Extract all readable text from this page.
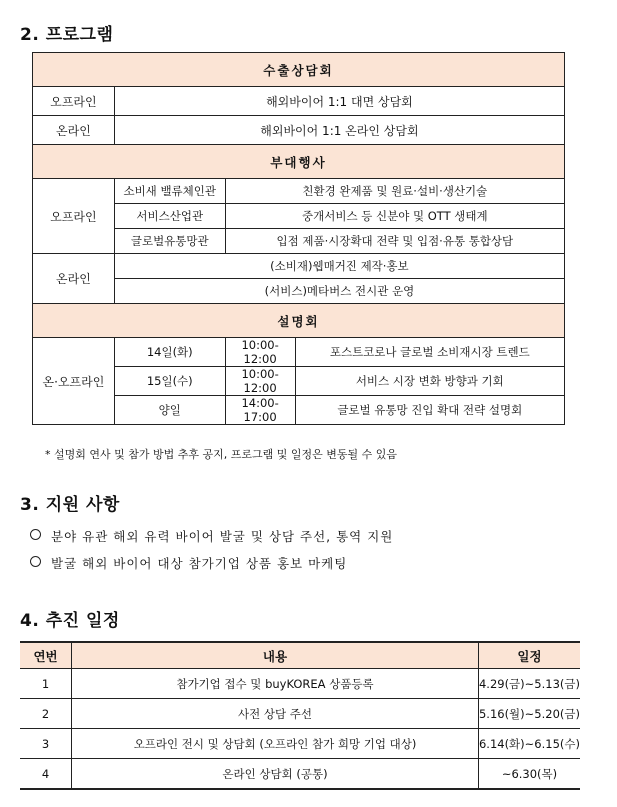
2. 프로그램
수출상담회			
오프라인	해외바이어 1:1 대면 상담회		
온라인	해외바이어 1:1 온라인 상담회		
부대행사			
오프라인	소비새 밸류체인관	친환경 완제품 및 원료·설비·생산기술	
	서비스산업관	중개서비스 등 신분야 및 OTT 생태계	
	글로벌유통망관	입점 제품·시장확대 전략 및 입점·유통 통합상담	
온라인	(소비재)웹매거진 제작·홍보		
	(서비스)메타버스 전시관 운영		
설명회			
온·오프라인	14일(화)	10:00-12:00	포스트코로나 글로벌 소비재시장 트렌드
	15일(수)	10:00-12:00	서비스 시장 변화 방향과 기회
	양일	14:00-17:00	글로벌 유통망 진입 확대 전략 설명회
* 설명회 연사 및 참가 방법 추후 공지, 프로그램 및 일정은 변동될 수 있음
3. 지원 사항
분야 유관 해외 유력 바이어 발굴 및 상담 주선, 통역 지원
발굴 해외 바이어 대상 참가기업 상품 홍보 마케팅
4. 추진 일정
연번	내용	일정
1	참가기업 접수 및 buyKOREA 상품등록	4.29(금)~5.13(금)
2	사전 상담 주선	5.16(월)~5.20(금)
3	오프라인 전시 및 상담회 (오프라인 참가 희망 기업 대상)	6.14(화)~6.15(수)
4	온라인 상담회 (공통)	~6.30(목)
